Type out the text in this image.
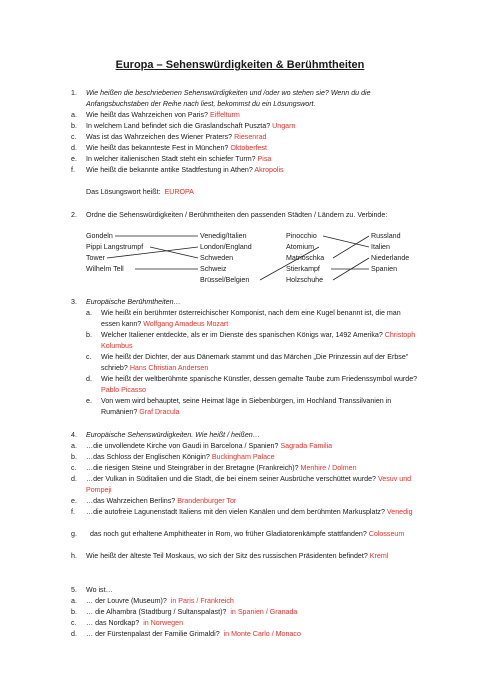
Europa – Sehenswürdigkeiten & Berühmtheiten
1. Wie heißen die beschriebenen Sehenswürdigkeiten und /oder wo stehen sie? Wenn du die Anfangsbuchstaben der Reihe nach liest, bekommst du ein Lösungswort.
a. Wie heißt das Wahrzeichen von Paris? Eiffelturm
b. In welchem Land befindet sich die Graslandschaft Puszta? Ungarn
c. Was ist das Wahrzeichen des Wiener Praters? Riesenrad
d. Wie heißt das bekannteste Fest in München? Oktoberfest
e. In welcher italienischen Stadt steht ein schiefer Turm? Pisa
f. Wie heißt die bekannte antike Stadtfestung in Athen? Akropolis
Das Lösungswort heißt: EUROPA
2. Ordne die Sehenswürdigkeiten / Berühmtheiten den passenden Städten / Ländern zu. Verbinde:
Gondeln
Pippi Langstrumpf
Tower
Wilhelm Tell
Venedig/Italien
London/England
Schweden
Schweiz
Brüssel/Belgien
Pinocchio
Atomium
Matrioschka
Stierkampf
Holzschuhe
Russland
Italien
Niederlande
Spanien
3. Europäische Berühmtheiten…
a. Wie heißt ein berühmter österreichischer Komponist, nach dem eine Kugel benannt ist, die man essen kann? Wolfgang Amadeus Mozart
b. Welcher Italiener entdeckte, als er im Dienste des spanischen Königs war, 1492 Amerika? Christoph Kolumbus
c. Wie heißt der Dichter, der aus Dänemark stammt und das Märchen „Die Prinzessin auf der Erbse" schrieb? Hans Christian Andersen
d. Wie heißt der weltberühmte spanische Künstler, dessen gemalte Taube zum Friedenssymbol wurde? Pablo Picasso
e. Von wem wird behauptet, seine Heimat läge in Siebenbürgen, im Hochland Transsilvanien in Rumänien? Graf Dracula
4. Europäische Sehenswürdigkeiten. Wie heißt / heißen…
a. …die unvollendete Kirche von Gaudi in Barcelona / Spanien? Sagrada Familia
b. …das Schloss der Englischen Königin? Buckingham Palace
c. …die riesigen Steine und Steingräber in der Bretagne (Frankreich)? Menhire / Dolmen
d. …der Vulkan in Süditalien und die Stadt, die bei einem seiner Ausbrüche verschüttet wurde? Vesuv und Pompeji
e. …das Wahrzeichen Berlins? Brandenburger Tor
f. …die autofreie Lagunenstadt Italiens mit den vielen Kanälen und dem berühmten Markusplatz? Venedig
g.	das noch gut erhaltene Amphitheater in Rom, wo früher Gladiatorenkämpfe stattfanden? Colosseum
h. Wie heißt der älteste Teil Moskaus, wo sich der Sitz des russischen Präsidenten befindet? Kreml
5. Wo ist…
a. … der Louvre (Museum)? in Paris / Frankreich
b. … die Alhambra (Stadtburg / Sultanspalast)? in Spanien / Granada
c. … das Nordkap? in Norwegen
d. … der Fürstenpalast der Familie Grimaldi? in Monte Carlo / Monaco
